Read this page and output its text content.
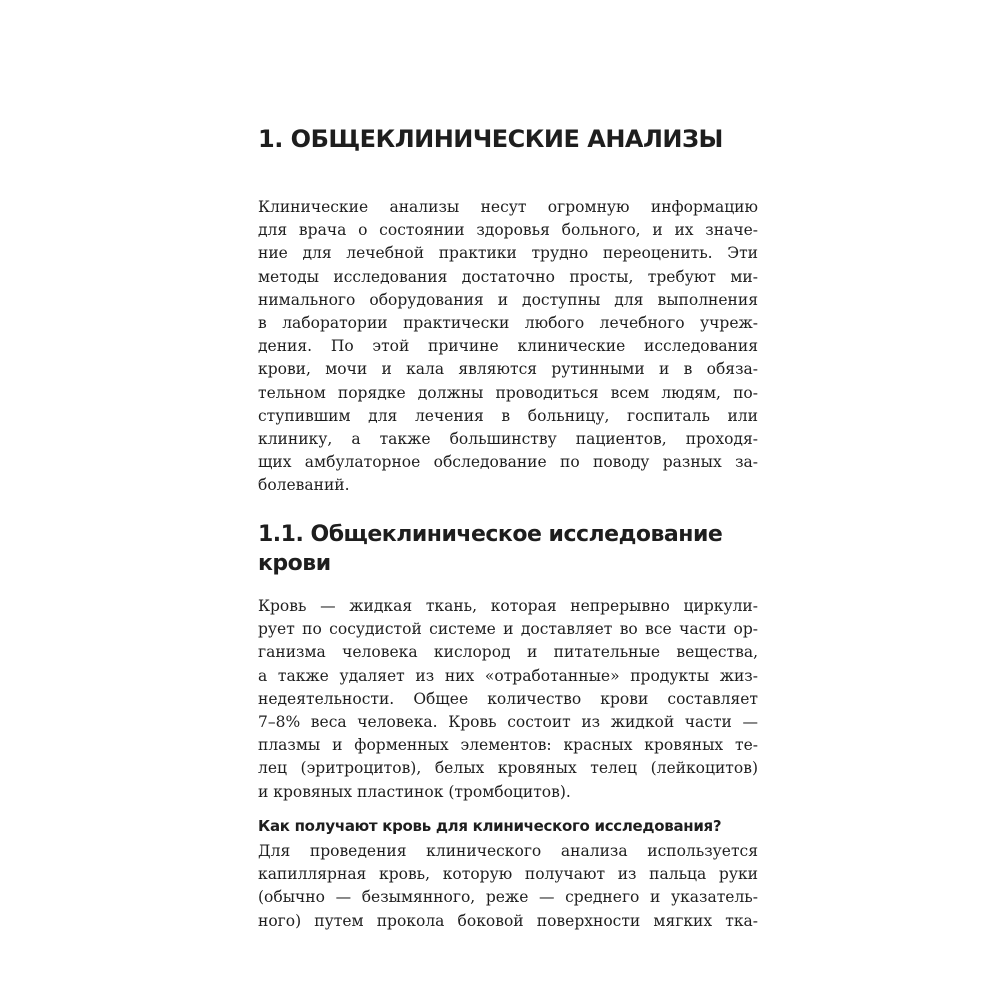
1. ОБЩЕКЛИНИЧЕСКИЕ АНАЛИЗЫ
Клинические анализы несут огромную информацию
для врача о состоянии здоровья больного, и их значе-
ние для лечебной практики трудно переоценить. Эти
методы исследования достаточно просты, требуют ми-
нимального оборудования и доступны для выполнения
в лаборатории практически любого лечебного учреж-
дения. По этой причине клинические исследования
крови, мочи и кала являются рутинными и в обяза-
тельном порядке должны проводиться всем людям, по-
ступившим для лечения в больницу, госпиталь или
клинику, а также большинству пациентов, проходя-
щих амбулаторное обследование по поводу разных за-
болеваний.
1.1. Общеклиническое исследование
крови
Кровь — жидкая ткань, которая непрерывно циркули-
рует по сосудистой системе и доставляет во все части ор-
ганизма человека кислород и питательные вещества,
а также удаляет из них «отработанные» продукты жиз-
недеятельности. Общее количество крови составляет
7–8% веса человека. Кровь состоит из жидкой части —
плазмы и форменных элементов: красных кровяных те-
лец (эритроцитов), белых кровяных телец (лейкоцитов)
и кровяных пластинок (тромбоцитов).
Как получают кровь для клинического исследования?
Для проведения клинического анализа используется
капиллярная кровь, которую получают из пальца руки
(обычно — безымянного, реже — среднего и указатель-
ного) путем прокола боковой поверхности мягких тка-
